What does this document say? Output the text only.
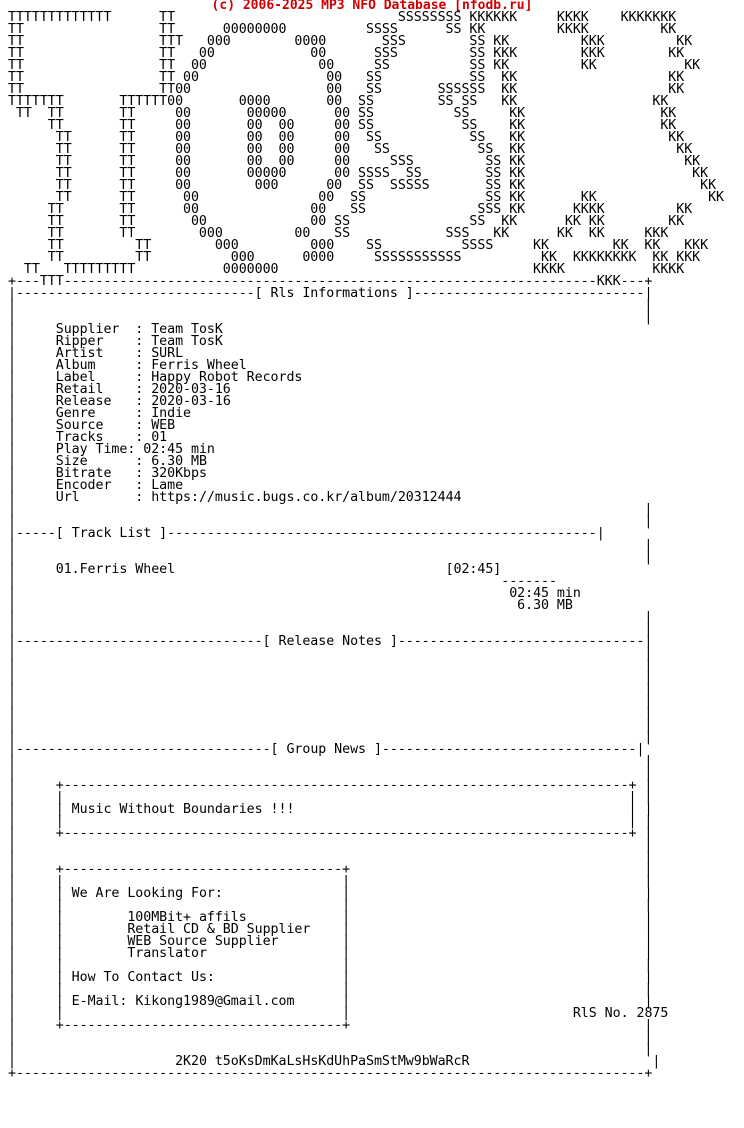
(c) 2006-2025 MP3 NFO Database [nfodb.ru]
TTTTTTTTTTTTT      TT                            SSSSSSSS KKKKKK     KKKK    KKKKKKK
TT                 TT      00000000          SSSS      SS KK         KKKK         KK
TT                 TTT   000        0000       SSS        SS KK         KKK         KK
TT                 TT   00            00      SSS         SS KKK        KKK        KK
TT                 TT  00              00     SS          SS KK         KK           KK
TT                 TT 00                00   SS           SS  KK                   KK
TT                 TT00                 00   SS       SSSSSS  KK                   KK
TTTTTTT       TTTTTT00       0000       00  SS        SS SS   KK                 KK
TT  TT       TT     00       00000      00 SS          SS     KK                 KK
TT       TT     00       00  00     00 SS           SS    KK                 KK
TT      TT     00       00  00     00  SS           SS   KK                  KK
TT      TT     00       00  00     00   SS           SS  KK                   KK
TT      TT     00       00  00     00     SSS         SS KK                    KK
TT      TT     00       00000      00 SSSS  SS        SS KK                     KK
TT      TT     00        000      00  SS  SSSSS       SS KK                      KK
TT      TT      00               00  SS               SS KK       KK              KK
TT       TT      00              00   SS              SSS KK      KKKK         KK
TT       TT       00             00 SS               SS  KK      KK KK        KK
TT       TT        000         00   SS            SSS   KK      KK  KK     KKK
TT         TT        000         000    SS          SSSS     KK        KK  KK   KKK
TT         TT          000      0000     SSSSSSSSSSS          KK  KKKKKKKK  KK KKK
TT   TTTTTTTTT           0000000                                KKKK           KKKK
+---TTT-------------------------------------------------------------------KKK---+
|------------------------------[ Rls Informations ]-----------------------------|
|                                                                               |
|                                                                               |
|	Supplier  : Team TosK
|	Ripper    : Team TosK
|	Artist    : SURL
|	Album     : Ferris Wheel
|	Label     : Happy Robot Records
|	Retail    : 2020-03-16
|	Release   : 2020-03-16
|	Genre     : Indie
|	Source    : WEB
|	Tracks    : 01
|	Play Time: 02:45 min
|	Size      : 6.30 MB
|	Bitrate   : 320Kbps
|	Encoder   : Lame
|	Url       : https://music.bugs.co.kr/album/20312444
|                                                                               |
|                                                                               |
|-----[ Track List ]------------------------------------------------------|
|                                                                               |
|                                                                               |
|	01.Ferris Wheel	[02:45]
|                                                             -------
|	02:45 min
|	6.30 MB
|                                                                               |
|                                                                               |
|-------------------------------[ Release Notes ]-------------------------------|
|                                                                               |
|                                                                               |
|                                                                               |
|                                                                               |
|                                                                               |
|                                                                               |
|                                                                               |
|                                                                               |
|--------------------------------[ Group News ]--------------------------------|
|                                                                               |
|                                                                               |
|     +-----------------------------------------------------------------------+ |
|     |                                                                       | |
|     | Music Without Boundaries !!!	| |
|     |                                                                       | |
|     +-----------------------------------------------------------------------+ |
|                                                                               |
|                                                                               |
|     +-----------------------------------+                                     |
|     |                                   |                                     |
|     | We Are Looking For:	|                                     |
|     |                                   |                                     |
|     |	100MBit+ affils	|                                     |
|     |	Retail CD & BD Supplier    |                                     |
|     |	WEB Source Supplier	|                                     |
|     |	Translator	|                                     |
|     |                                   |                                     |
|     | How To Contact Us:	|                                     |
|     |                                   |                                     |
|     | E-Mail: Kikong1989@Gmail.com	|                                     |
|     |                                   |	RlS No. 2875
|     +-----------------------------------+                                     |
|                                                                               |
|                                                                               |
|	2K20 t5oKsDmKaLsHsKdUhPaSmStMw9bWaRcR	|
+-------------------------------------------------------------------------------+
